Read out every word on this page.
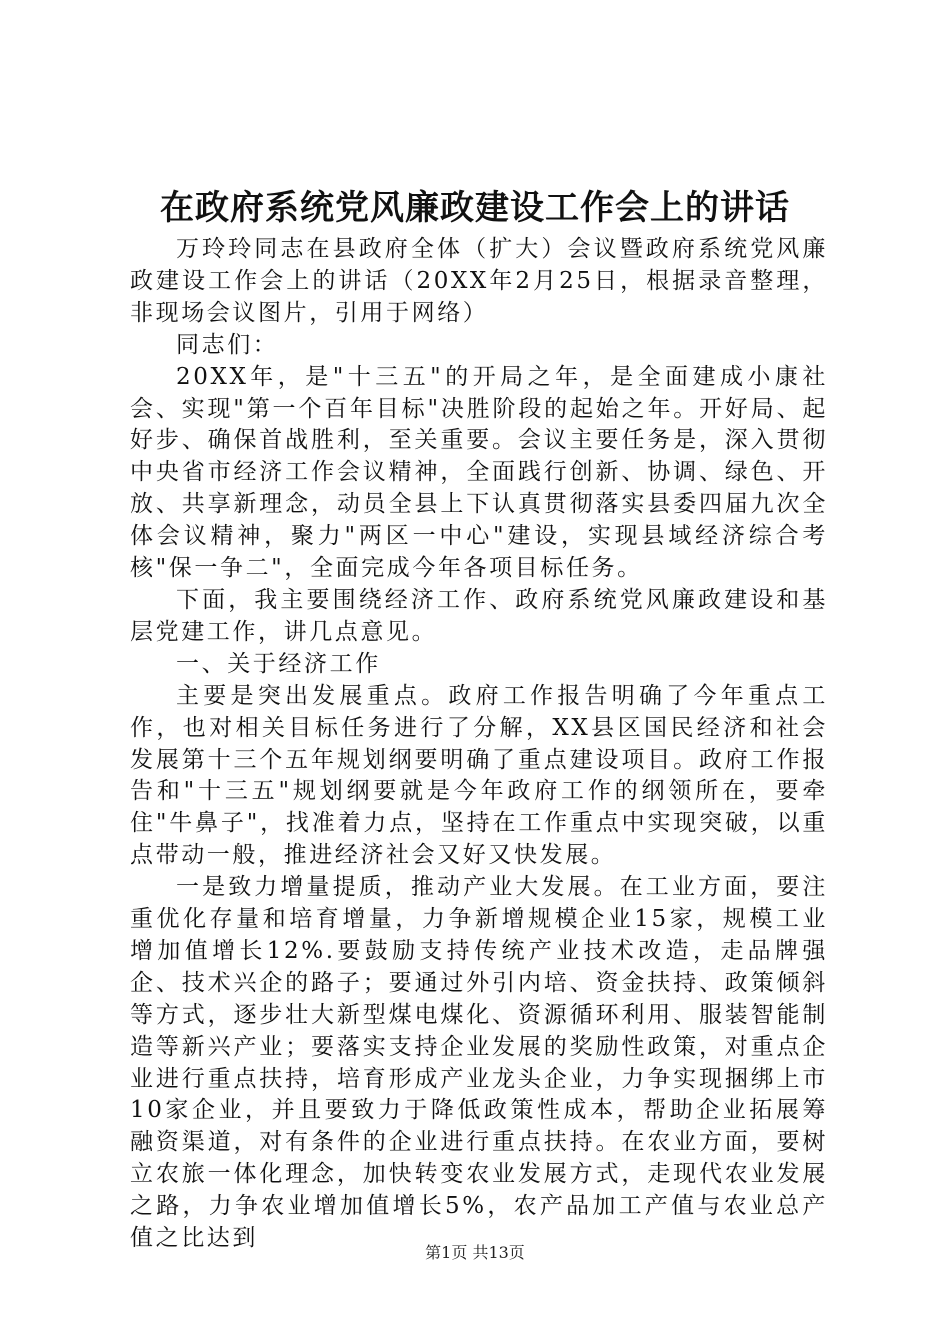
在政府系统党风廉政建设工作会上的讲话

万玲玲同志在县政府全体（扩大）会议暨政府系统党风廉政建设工作会上的讲话（20XX年2月25日，根据录音整理，非现场会议图片，引用于网络）

同志们：

20XX年，是"十三五"的开局之年，是全面建成小康社会、实现"第一个百年目标"决胜阶段的起始之年。开好局、起好步、确保首战胜利，至关重要。会议主要任务是，深入贯彻中央省市经济工作会议精神，全面践行创新、协调、绿色、开放、共享新理念，动员全县上下认真贯彻落实县委四届九次全体会议精神，聚力"两区一中心"建设，实现县域经济综合考核"保一争二"，全面完成今年各项目标任务。

下面，我主要围绕经济工作、政府系统党风廉政建设和基层党建工作，讲几点意见。

一、关于经济工作

主要是突出发展重点。政府工作报告明确了今年重点工作，也对相关目标任务进行了分解，XX县区国民经济和社会发展第十三个五年规划纲要明确了重点建设项目。政府工作报告和"十三五"规划纲要就是今年政府工作的纲领所在，要牵住"牛鼻子"，找准着力点，坚持在工作重点中实现突破，以重点带动一般，推进经济社会又好又快发展。

一是致力增量提质，推动产业大发展。在工业方面，要注重优化存量和培育增量，力争新增规模企业15家，规模工业增加值增长12%.要鼓励支持传统产业技术改造，走品牌强企、技术兴企的路子；要通过外引内培、资金扶持、政策倾斜等方式，逐步壮大新型煤电煤化、资源循环利用、服装智能制造等新兴产业；要落实支持企业发展的奖励性政策，对重点企业进行重点扶持，培育形成产业龙头企业，力争实现捆绑上市10家企业，并且要致力于降低政策性成本，帮助企业拓展筹融资渠道，对有条件的企业进行重点扶持。在农业方面，要树立农旅一体化理念，加快转变农业发展方式，走现代农业发展之路，力争农业增加值增长5%，农产品加工产值与农业总产值之比达到

第1页 共13页
